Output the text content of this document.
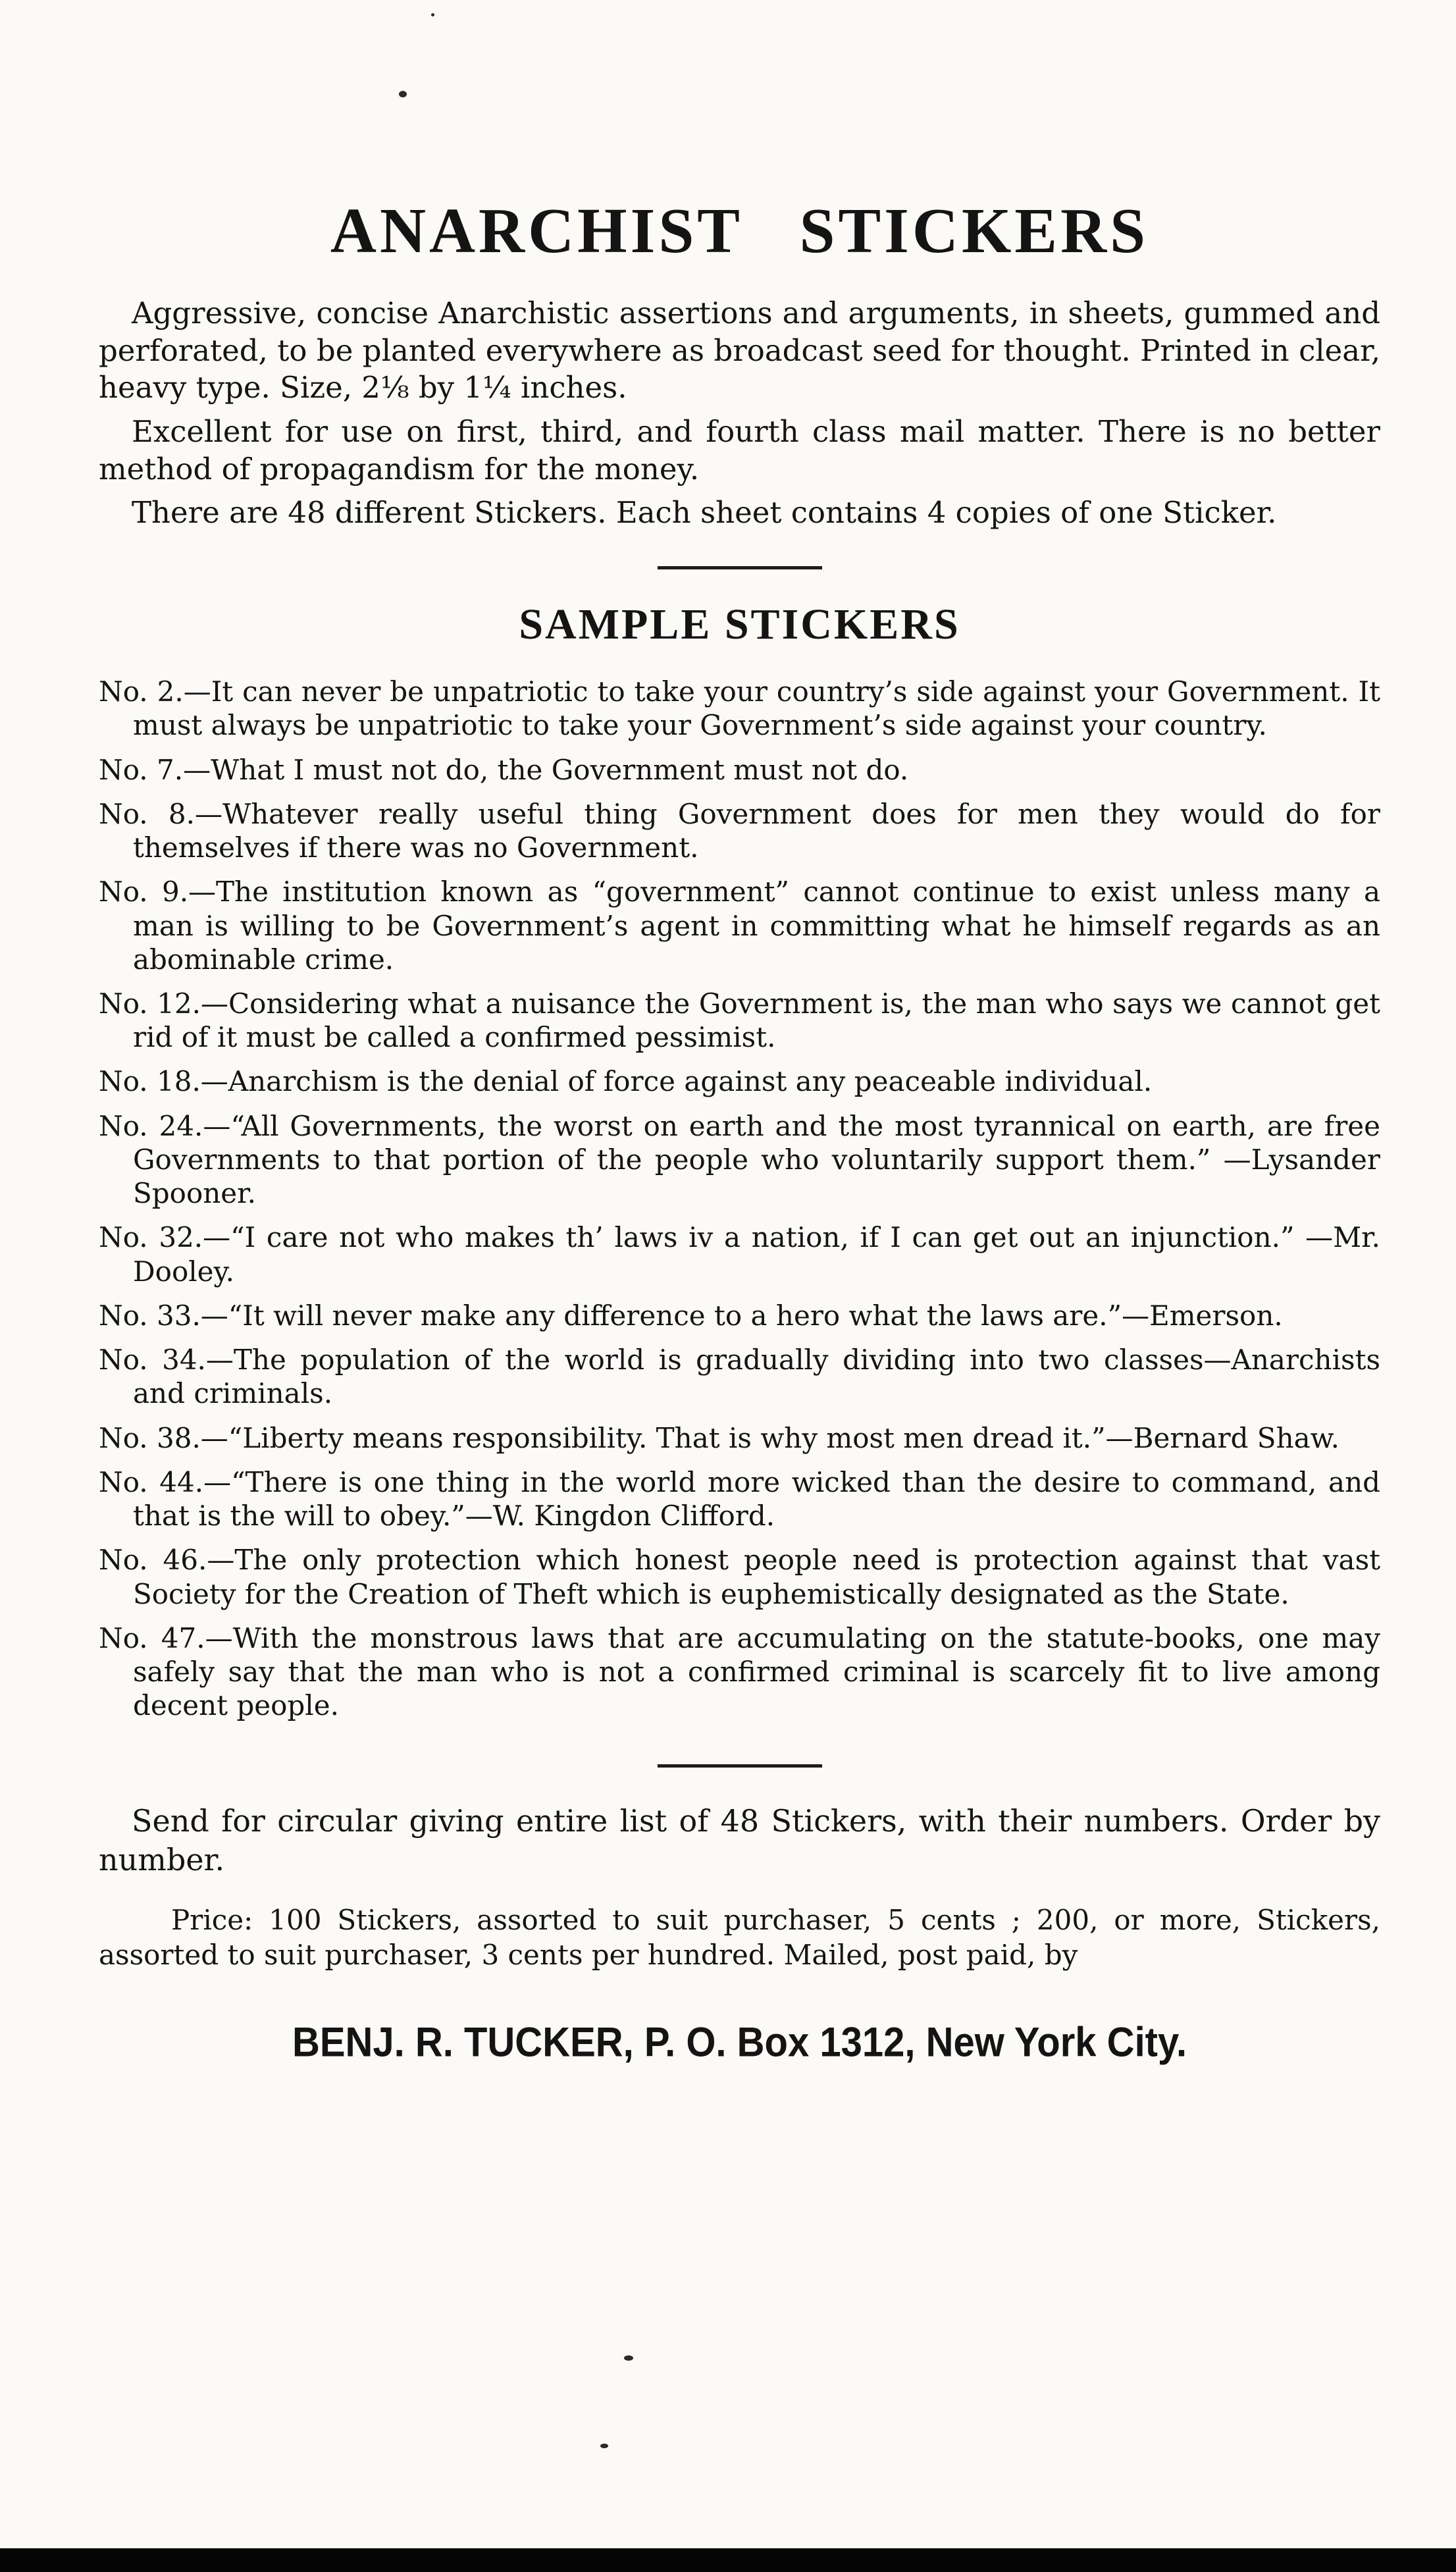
ANARCHIST STICKERS

Aggressive, concise Anarchistic assertions and arguments, in sheets, gummed and perforated, to be planted everywhere as broadcast seed for thought. Printed in clear, heavy type. Size, 2⅛ by 1¼ inches.

Excellent for use on first, third, and fourth class mail matter. There is no better method of propagandism for the money.

There are 48 different Stickers. Each sheet contains 4 copies of one Sticker.

SAMPLE STICKERS
No. 2.—It can never be unpatriotic to take your country’s side against your Government. It must always be unpatriotic to take your Government’s side against your country.
No. 7.—What I must not do, the Government must not do.
No. 8.—Whatever really useful thing Government does for men they would do for themselves if there was no Government.
No. 9.—The institution known as “government” cannot continue to exist unless many a man is willing to be Government’s agent in committing what he himself regards as an abominable crime.
No. 12.—Considering what a nuisance the Government is, the man who says we cannot get rid of it must be called a confirmed pessimist.
No. 18.—Anarchism is the denial of force against any peaceable individual.
No. 24.—“All Governments, the worst on earth and the most tyrannical on earth, are free Governments to that portion of the people who voluntarily support them.” —Lysander Spooner.
No. 32.—“I care not who makes th’ laws iv a nation, if I can get out an injunction.” —Mr. Dooley.
No. 33.—“It will never make any difference to a hero what the laws are.”—Emerson.
No. 34.—The population of the world is gradually dividing into two classes—Anarchists and criminals.
No. 38.—“Liberty means responsibility. That is why most men dread it.”—Bernard Shaw.
No. 44.—“There is one thing in the world more wicked than the desire to command, and that is the will to obey.”—W. Kingdon Clifford.
No. 46.—The only protection which honest people need is protection against that vast Society for the Creation of Theft which is euphemistically designated as the State.
No. 47.—With the monstrous laws that are accumulating on the statute-books, one may safely say that the man who is not a confirmed criminal is scarcely fit to live among decent people.

Send for circular giving entire list of 48 Stickers, with their numbers. Order by number.

Price: 100 Stickers, assorted to suit purchaser, 5 cents ; 200, or more, Stickers, assorted to suit purchaser, 3 cents per hundred. Mailed, post paid, by

BENJ. R. TUCKER, P. O. Box 1312, New York City.
